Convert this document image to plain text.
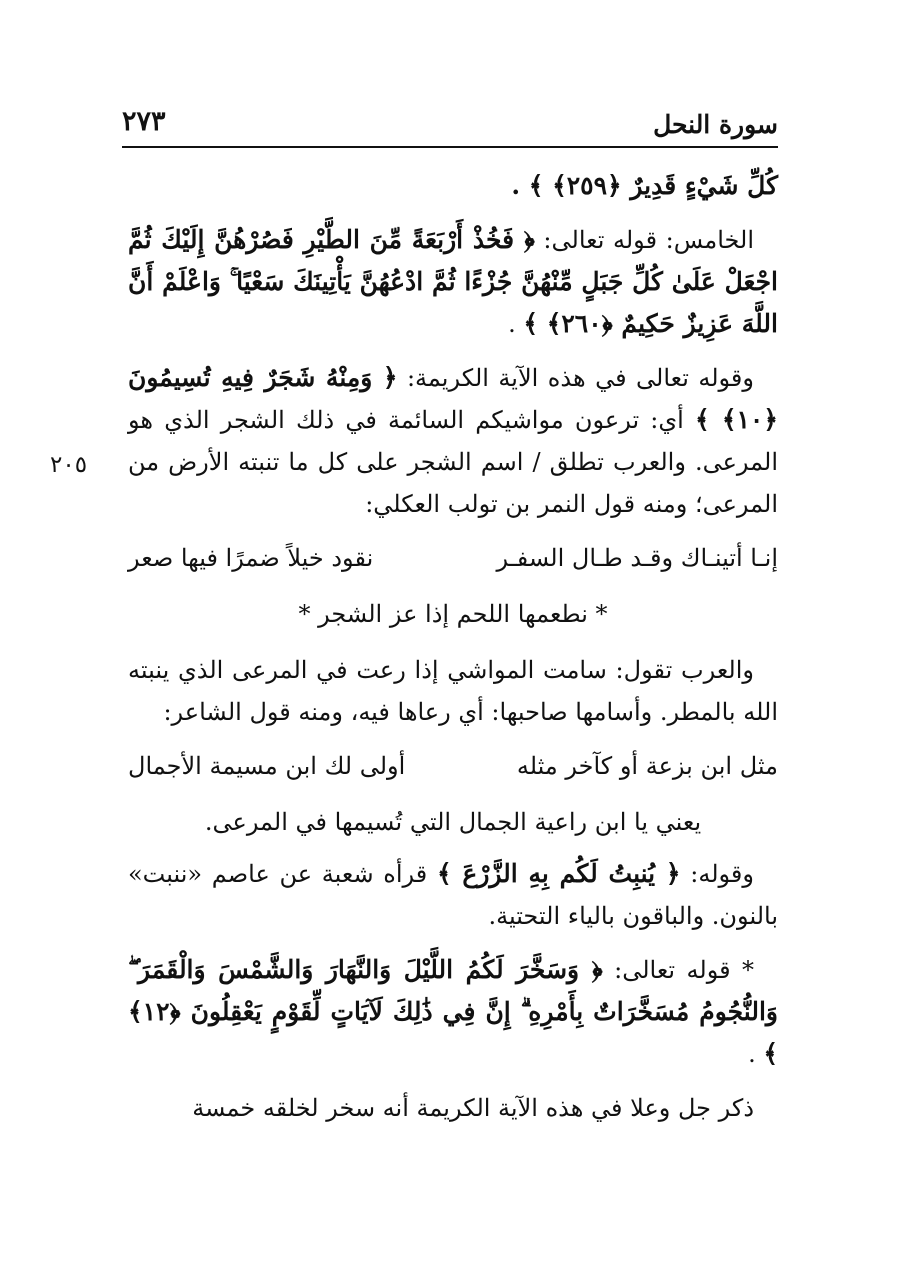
سورة النحل
٢٧٣
٢٠٥

كُلِّ شَيْءٍ قَدِيرٌ ﴿٢٥٩﴾ ﴾ .

الخامس: قوله تعالى: ﴿ فَخُذْ أَرْبَعَةً مِّنَ الطَّيْرِ فَصُرْهُنَّ إِلَيْكَ ثُمَّ اجْعَلْ عَلَىٰ كُلِّ جَبَلٍ مِّنْهُنَّ جُزْءًا ثُمَّ ادْعُهُنَّ يَأْتِينَكَ سَعْيًا ۚ وَاعْلَمْ أَنَّ اللَّهَ عَزِيزٌ حَكِيمٌ ﴿٢٦٠﴾ ﴾ .

وقوله تعالى في هذه الآية الكريمة: ﴿ وَمِنْهُ شَجَرٌ فِيهِ تُسِيمُونَ ﴿١٠﴾ ﴾ أي: ترعون مواشيكم السائمة في ذلك الشجر الذي هو المرعى. والعرب تطلق / اسم الشجر على كل ما تنبته الأرض من المرعى؛ ومنه قول النمر بن تولب العكلي:

إنـا أتينـاك وقـد طـال السفـر
نقود خيلاً ضمرًا فيها صعر
* نطعمها اللحم إذا عز الشجر *

والعرب تقول: سامت المواشي إذا رعت في المرعى الذي ينبته الله بالمطر. وأسامها صاحبها: أي رعاها فيه، ومنه قول الشاعر:

مثل ابن بزعة أو كآخر مثله
أولى لك ابن مسيمة الأجمال

يعني يا ابن راعية الجمال التي تُسيمها في المرعى.

وقوله: ﴿ يُنبِتُ لَكُم بِهِ الزَّرْعَ ﴾ قرأه شعبة عن عاصم «ننبت» بالنون. والباقون بالياء التحتية.

* قوله تعالى: ﴿ وَسَخَّرَ لَكُمُ اللَّيْلَ وَالنَّهَارَ وَالشَّمْسَ وَالْقَمَرَ ۖ وَالنُّجُومُ مُسَخَّرَاتٌ بِأَمْرِهِ ۗ إِنَّ فِي ذَٰلِكَ لَآيَاتٍ لِّقَوْمٍ يَعْقِلُونَ ﴿١٢﴾ ﴾ .

ذكر جل وعلا في هذه الآية الكريمة أنه سخر لخلقه خمسة
